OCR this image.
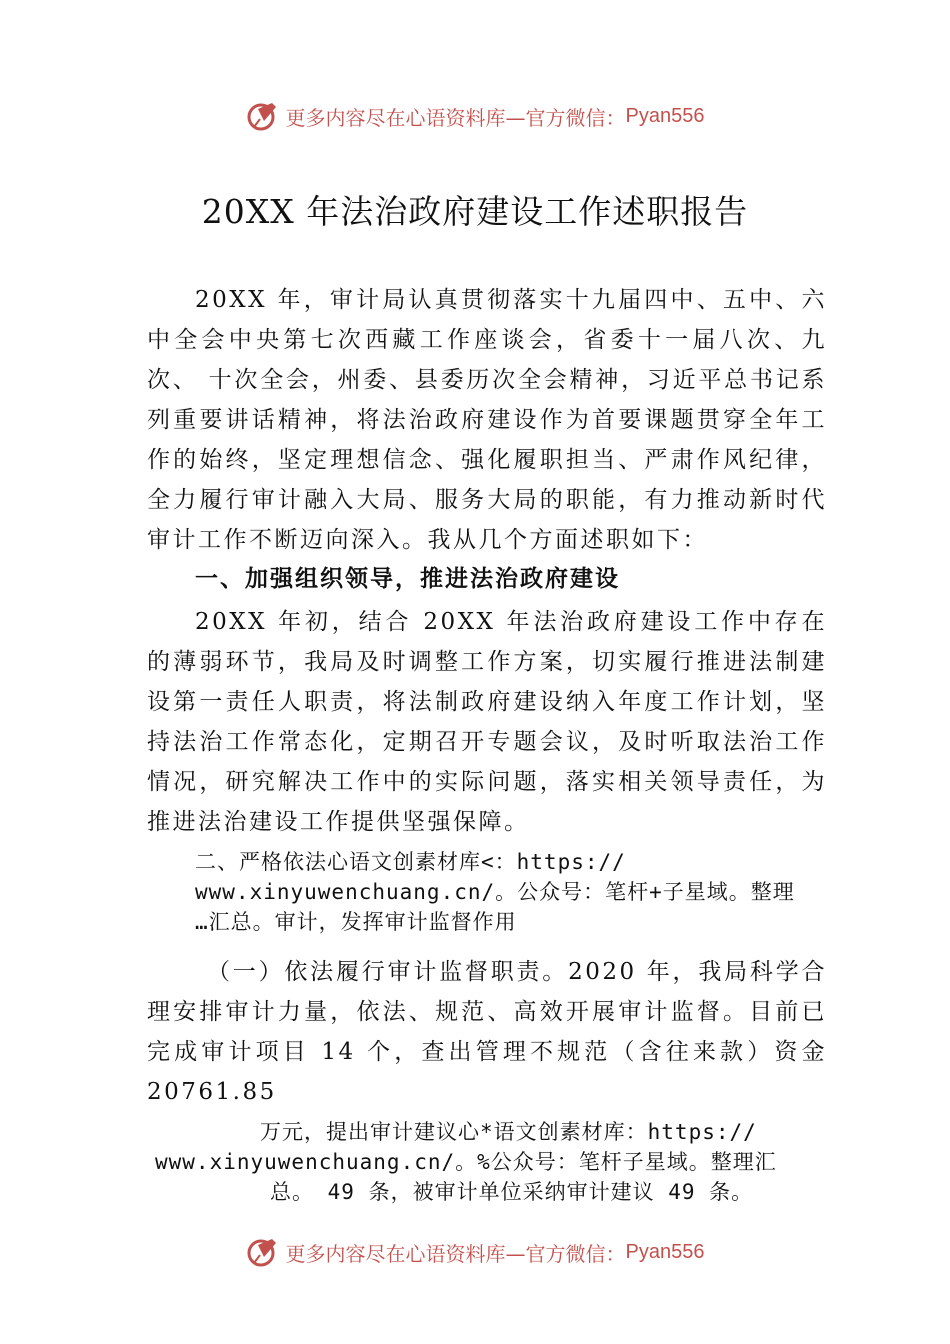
更多内容尽在心语资料库—官方微信： Pyan556
20XX 年法治政府建设工作述职报告
20XX 年，审计局认真贯彻落实十九届四中、五中、六中全会中央第七次西藏工作座谈会，省委十一届八次、九次、 十次全会，州委、县委历次全会精神，习近平总书记系列重要讲话精神，将法治政府建设作为首要课题贯穿全年工作的始终，坚定理想信念、强化履职担当、严肃作风纪律，全力履行审计融入大局、服务大局的职能，有力推动新时代审计工作不断迈向深入。我从几个方面述职如下：
一、加强组织领导，推进法治政府建设
20XX 年初，结合 20XX 年法治政府建设工作中存在的薄弱环节，我局及时调整工作方案，切实履行推进法制建设第一责任人职责，将法制政府建设纳入年度工作计划，坚持法治工作常态化，定期召开专题会议，及时听取法治工作情况，研究解决工作中的实际问题，落实相关领导责任，为推进法治建设工作提供坚强保障。
二、严格依法心语文创素材库<：https://
www.xinyuwenchuang.cn/。公众号：笔杆+子星域。整理
…汇总。审计，发挥审计监督作用
（一）依法履行审计监督职责。2020 年，我局科学合理安排审计力量，依法、规范、高效开展审计监督。目前已完成审计项目 14 个，查出管理不规范（含往来款）资金 20761.85
万元，提出审计建议心*语文创素材库：https://
www.xinyuwenchuang.cn/。%公众号：笔杆子星域。整理汇
总。 49 条，被审计单位采纳审计建议 49 条。
更多内容尽在心语资料库—官方微信： Pyan556
